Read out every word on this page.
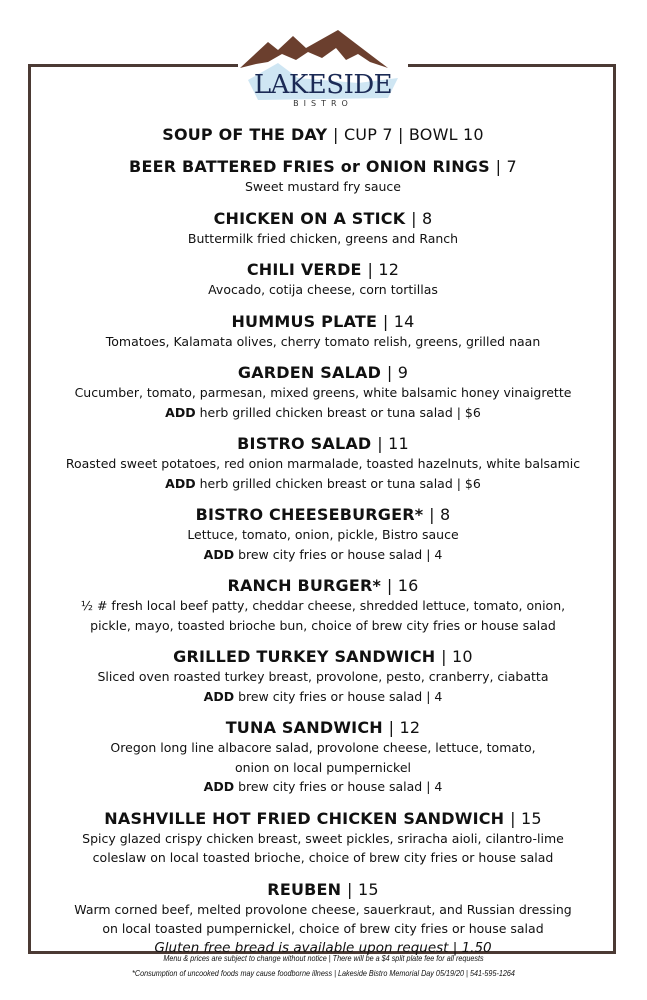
LAKESIDE
BISTRO
SOUP OF THE DAY | CUP 7 | BOWL 10
BEER BATTERED FRIES or ONION RINGS | 7
Sweet mustard fry sauce
CHICKEN ON A STICK | 8
Buttermilk fried chicken, greens and Ranch
CHILI VERDE | 12
Avocado, cotija cheese, corn tortillas
HUMMUS PLATE | 14
Tomatoes, Kalamata olives, cherry tomato relish, greens, grilled naan
GARDEN SALAD | 9
Cucumber, tomato, parmesan, mixed greens, white balsamic honey vinaigrette
ADD herb grilled chicken breast or tuna salad | $6
BISTRO SALAD | 11
Roasted sweet potatoes, red onion marmalade, toasted hazelnuts, white balsamic
ADD herb grilled chicken breast or tuna salad | $6
BISTRO CHEESEBURGER* | 8
Lettuce, tomato, onion, pickle, Bistro sauce
ADD brew city fries or house salad | 4
RANCH BURGER* | 16
½ # fresh local beef patty, cheddar cheese, shredded lettuce, tomato, onion,
pickle, mayo, toasted brioche bun, choice of brew city fries or house salad
GRILLED TURKEY SANDWICH | 10
Sliced oven roasted turkey breast, provolone, pesto, cranberry, ciabatta
ADD brew city fries or house salad | 4
TUNA SANDWICH | 12
Oregon long line albacore salad, provolone cheese, lettuce, tomato,
onion on local pumpernickel
ADD brew city fries or house salad | 4
NASHVILLE HOT FRIED CHICKEN SANDWICH | 15
Spicy glazed crispy chicken breast, sweet pickles, sriracha aioli, cilantro-lime
coleslaw on local toasted brioche, choice of brew city fries or house salad
REUBEN | 15
Warm corned beef, melted provolone cheese, sauerkraut, and Russian dressing
on local toasted pumpernickel, choice of brew city fries or house salad
Gluten free bread is available upon request | 1.50
Menu & prices are subject to change without notice | There will be a $4 split plate fee for all requests
*Consumption of uncooked foods may cause foodborne illness | Lakeside Bistro Memorial Day 05/19/20 | 541-595-1264
